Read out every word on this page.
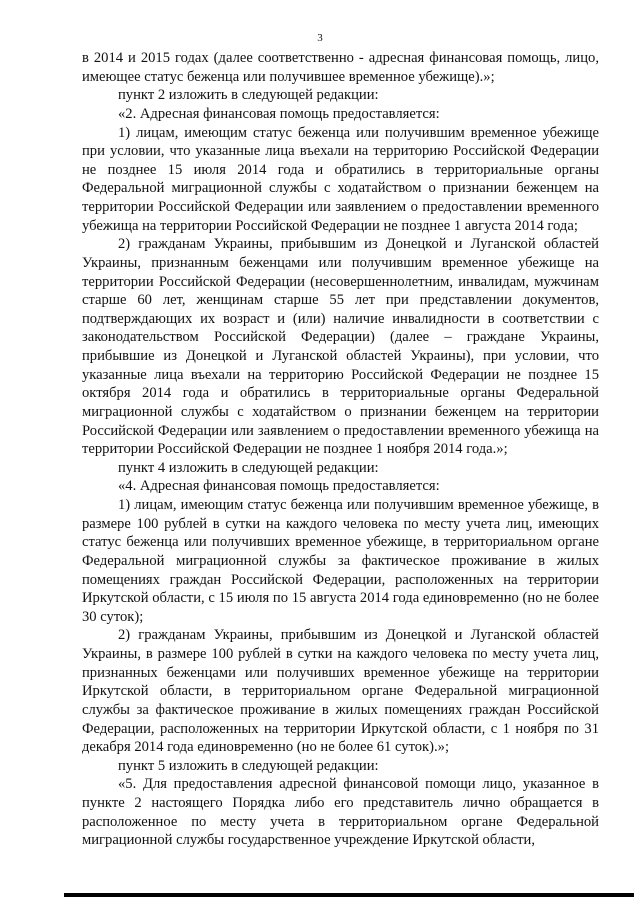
3

в 2014 и 2015 годах (далее соответственно - адресная финансовая помощь, лицо, имеющее статус беженца или получившее временное убежище).»;

пункт 2 изложить в следующей редакции:

«2. Адресная финансовая помощь предоставляется:

1) лицам, имеющим статус беженца или получившим временное убежище при условии, что указанные лица въехали на территорию Российской Федерации не позднее 15 июля 2014 года и обратились в территориальные органы Федеральной миграционной службы с ходатайством о признании беженцем на территории Российской Федерации или заявлением о предоставлении временного убежища на территории Российской Федерации не позднее 1 августа 2014 года;

2) гражданам Украины, прибывшим из Донецкой и Луганской областей Украины, признанным беженцами или получившим временное убежище на территории Российской Федерации (несовершеннолетним, инвалидам, мужчинам старше 60 лет, женщинам старше 55 лет при представлении документов, подтверждающих их возраст и (или) наличие инвалидности в соответствии с законодательством Российской Федерации) (далее – граждане Украины, прибывшие из Донецкой и Луганской областей Украины), при условии, что указанные лица въехали на территорию Российской Федерации не позднее 15 октября 2014 года и обратились в территориальные органы Федеральной миграционной службы с ходатайством о признании беженцем на территории Российской Федерации или заявлением о предоставлении временного убежища на территории Российской Федерации не позднее 1 ноября 2014 года.»;

пункт 4 изложить в следующей редакции:

«4. Адресная финансовая помощь предоставляется:

1) лицам, имеющим статус беженца или получившим временное убежище, в размере 100 рублей в сутки на каждого человека по месту учета лиц, имеющих статус беженца или получивших временное убежище, в территориальном органе Федеральной миграционной службы за фактическое проживание в жилых помещениях граждан Российской Федерации, расположенных на территории Иркутской области, с 15 июля по 15 августа 2014 года единовременно (но не более 30 суток);

2) гражданам Украины, прибывшим из Донецкой и Луганской областей Украины, в размере 100 рублей в сутки на каждого человека по месту учета лиц, признанных беженцами или получивших временное убежище на территории Иркутской области, в территориальном органе Федеральной миграционной службы за фактическое проживание в жилых помещениях граждан Российской Федерации, расположенных на территории Иркутской области, с 1 ноября по 31 декабря 2014 года единовременно (но не более 61 суток).»;

пункт 5 изложить в следующей редакции:

«5. Для предоставления адресной финансовой помощи лицо, указанное в пункте 2 настоящего Порядка либо его представитель лично обращается в расположенное по месту учета в территориальном органе Федеральной миграционной службы государственное учреждение Иркутской области,
